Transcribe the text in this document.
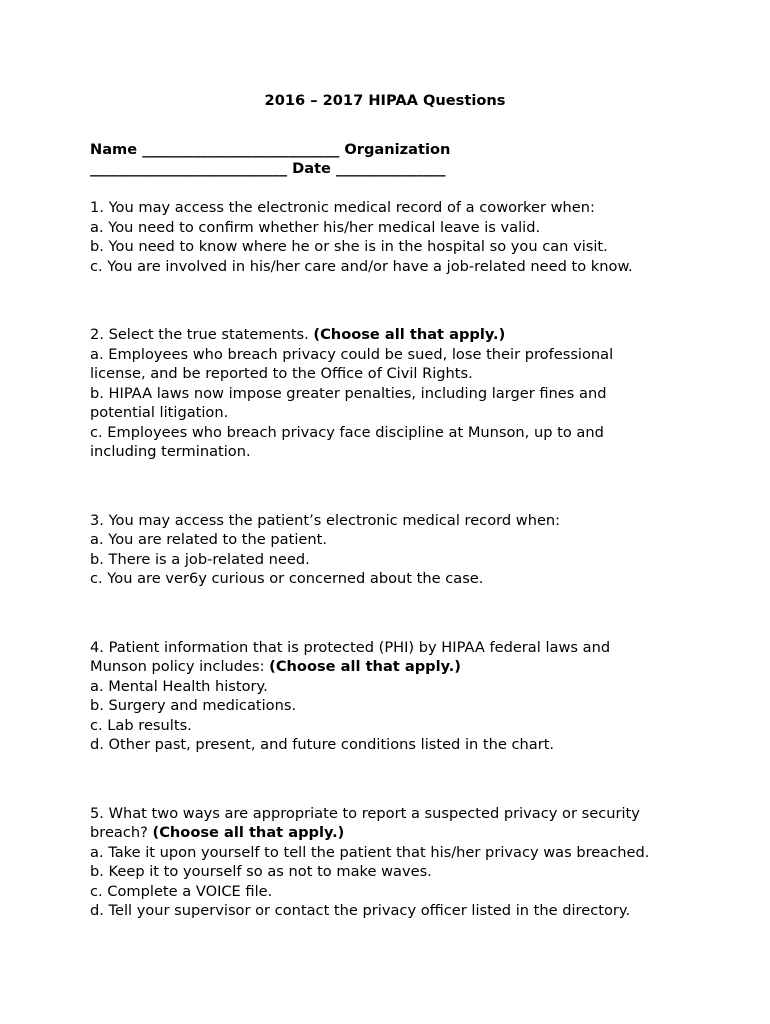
2016 – 2017 HIPAA Questions
Name ___________________________ Organization
___________________________ Date _______________
1. You may access the electronic medical record of a coworker when:
a. You need to confirm whether his/her medical leave is valid.
b. You need to know where he or she is in the hospital so you can visit.
c. You are involved in his/her care and/or have a job-related need to know.
2. Select the true statements. (Choose all that apply.)
a. Employees who breach privacy could be sued, lose their professional
license, and be reported to the Office of Civil Rights.
b. HIPAA laws now impose greater penalties, including larger fines and
potential litigation.
c. Employees who breach privacy face discipline at Munson, up to and
including termination.
3. You may access the patient’s electronic medical record when:
a. You are related to the patient.
b. There is a job-related need.
c. You are ver6y curious or concerned about the case.
4. Patient information that is protected (PHI) by HIPAA federal laws and
Munson policy includes: (Choose all that apply.)
a. Mental Health history.
b. Surgery and medications.
c. Lab results.
d. Other past, present, and future conditions listed in the chart.
5. What two ways are appropriate to report a suspected privacy or security
breach? (Choose all that apply.)
a. Take it upon yourself to tell the patient that his/her privacy was breached.
b. Keep it to yourself so as not to make waves.
c. Complete a VOICE file.
d. Tell your supervisor or contact the privacy officer listed in the directory.
